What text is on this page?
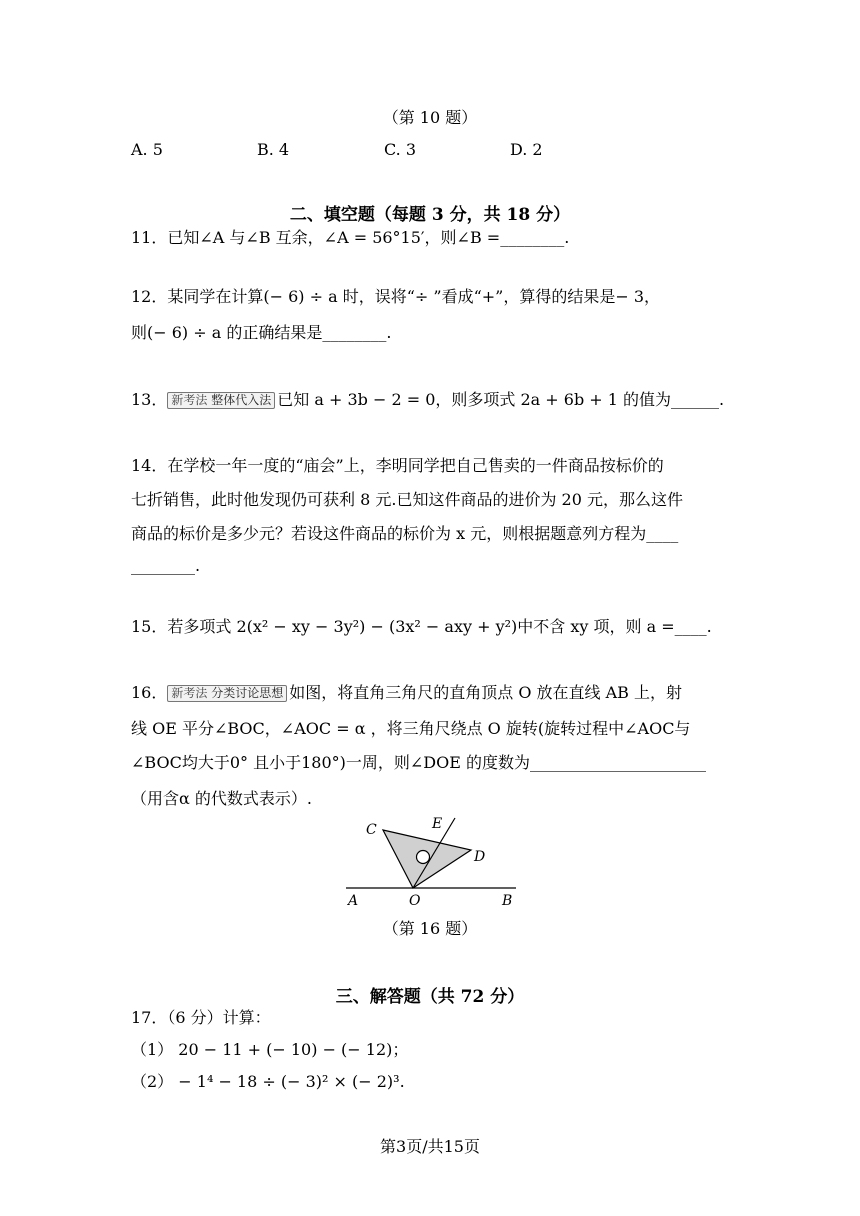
（第 10 题）
A. 5	B. 4	C. 3	D. 2
二、填空题（每题 3 分，共 18 分）
11．已知∠A 与∠B 互余，∠A = 56°15′，则∠B =________.
12．某同学在计算(− 6) ÷ a 时，误将“÷ ”看成“+”，算得的结果是− 3，
则(− 6) ÷ a 的正确结果是________.
13． 新考法 整体代入法 已知 a + 3b − 2 = 0，则多项式 2a + 6b + 1 的值为______.
14．在学校一年一度的“庙会”上，李明同学把自己售卖的一件商品按标价的
七折销售，此时他发现仍可获利 8 元.已知这件商品的进价为 20 元，那么这件
商品的标价是多少元？若设这件商品的标价为 x 元，则根据题意列方程为____
________.
15．若多项式 2(x² − xy − 3y²) − (3x² − axy + y²)中不含 xy 项，则 a =____.
16． 新考法 分类讨论思想 如图，将直角三角尺的直角顶点 O 放在直线 AB 上，射
线 OE 平分∠BOC，∠AOC = α ，将三角尺绕点 O 旋转(旋转过程中∠AOC与
∠BOC均大于0° 且小于180°)一周，则∠DOE 的度数为______________________
（用含α 的代数式表示）.
C	E
D
A	O	B
（第 16 题）
三、解答题（共 72 分）
17．（6 分）计算：
（1） 20 − 11 + (− 10) − (− 12)；
（2） − 1⁴ − 18 ÷ (− 3)² × (− 2)³.
第3页/共15页
